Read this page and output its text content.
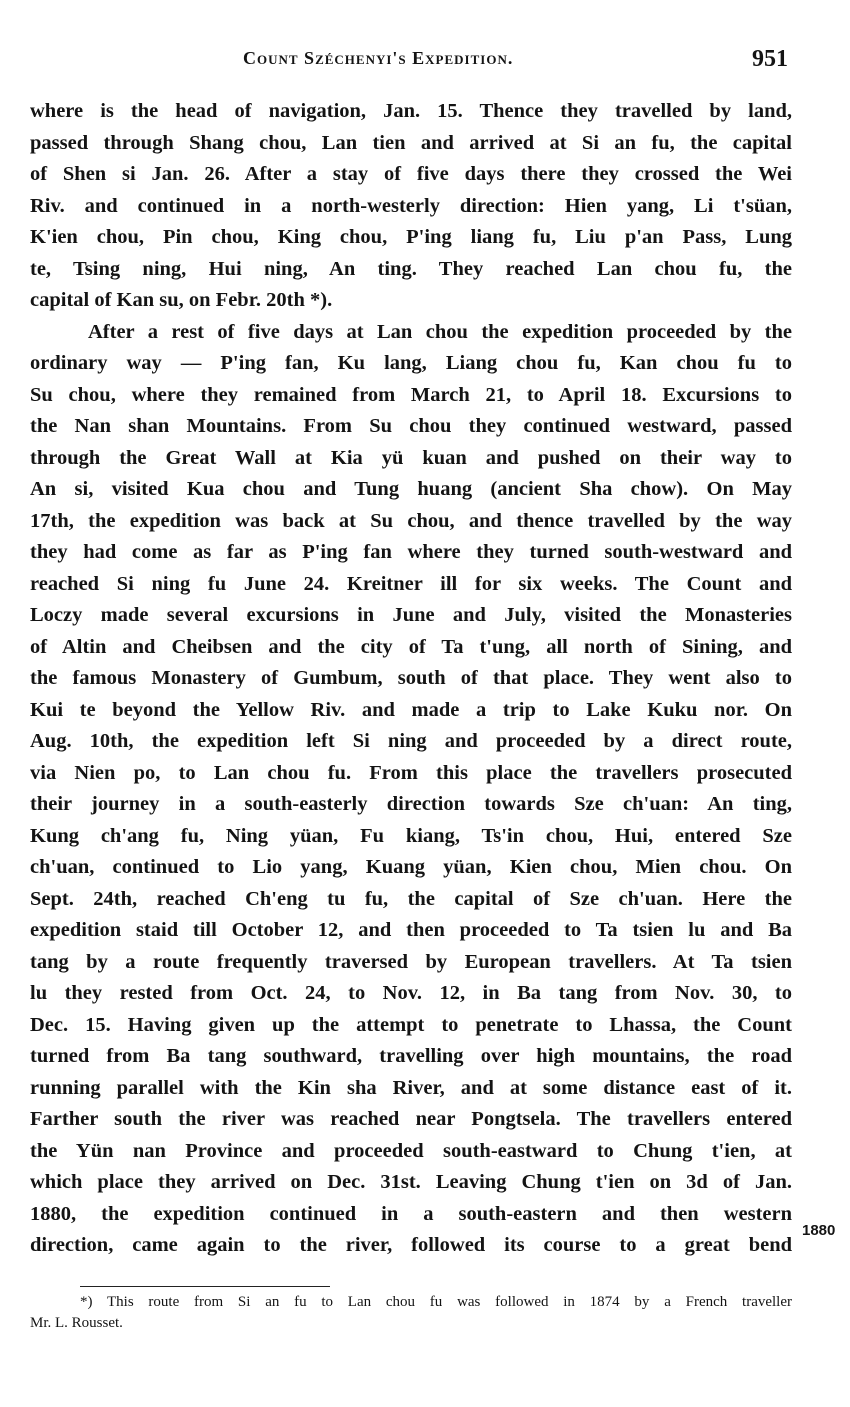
Count Széchenyi's Expedition.	951
where is the head of navigation, Jan. 15. Thence they travelled by land,
passed through Shang chou, Lan tien and arrived at Si an fu, the capital
of Shen si Jan. 26. After a stay of five days there they crossed the Wei
Riv. and continued in a north-westerly direction: Hien yang, Li t'süan,
K'ien chou, Pin chou, King chou, P'ing liang fu, Liu p'an Pass, Lung
te, Tsing ning, Hui ning, An ting. They reached Lan chou fu, the
capital of Kan su, on Febr. 20th *).
After a rest of five days at Lan chou the expedition proceeded by the
ordinary way — P'ing fan, Ku lang, Liang chou fu, Kan chou fu to
Su chou, where they remained from March 21, to April 18. Excursions to
the Nan shan Mountains. From Su chou they continued westward, passed
through the Great Wall at Kia yü kuan and pushed on their way to
An si, visited Kua chou and Tung huang (ancient Sha chow). On May
17th, the expedition was back at Su chou, and thence travelled by the way
they had come as far as P'ing fan where they turned south-westward and
reached Si ning fu June 24. Kreitner ill for six weeks. The Count and
Loczy made several excursions in June and July, visited the Monasteries
of Altin and Cheibsen and the city of Ta t'ung, all north of Sining, and
the famous Monastery of Gumbum, south of that place. They went also to
Kui te beyond the Yellow Riv. and made a trip to Lake Kuku nor. On
Aug. 10th, the expedition left Si ning and proceeded by a direct route,
via Nien po, to Lan chou fu. From this place the travellers prosecuted
their journey in a south-easterly direction towards Sze ch'uan: An ting,
Kung ch'ang fu, Ning yüan, Fu kiang, Ts'in chou, Hui, entered Sze
ch'uan, continued to Lio yang, Kuang yüan, Kien chou, Mien chou. On
Sept. 24th, reached Ch'eng tu fu, the capital of Sze ch'uan. Here the
expedition staid till October 12, and then proceeded to Ta tsien lu and Ba
tang by a route frequently traversed by European travellers. At Ta tsien
lu they rested from Oct. 24, to Nov. 12, in Ba tang from Nov. 30, to
Dec. 15. Having given up the attempt to penetrate to Lhassa, the Count
turned from Ba tang southward, travelling over high mountains, the road
running parallel with the Kin sha River, and at some distance east of it.
Farther south the river was reached near Pongtsela. The travellers entered
the Yün nan Province and proceeded south-eastward to Chung t'ien, at
which place they arrived on Dec. 31st. Leaving Chung t'ien on 3d of Jan.
1880, the expedition continued in a south-eastern and then western
direction, came again to the river, followed its course to a great bend
1880
*) This route from Si an fu to Lan chou fu was followed in 1874 by a French traveller
Mr. L. Rousset.
